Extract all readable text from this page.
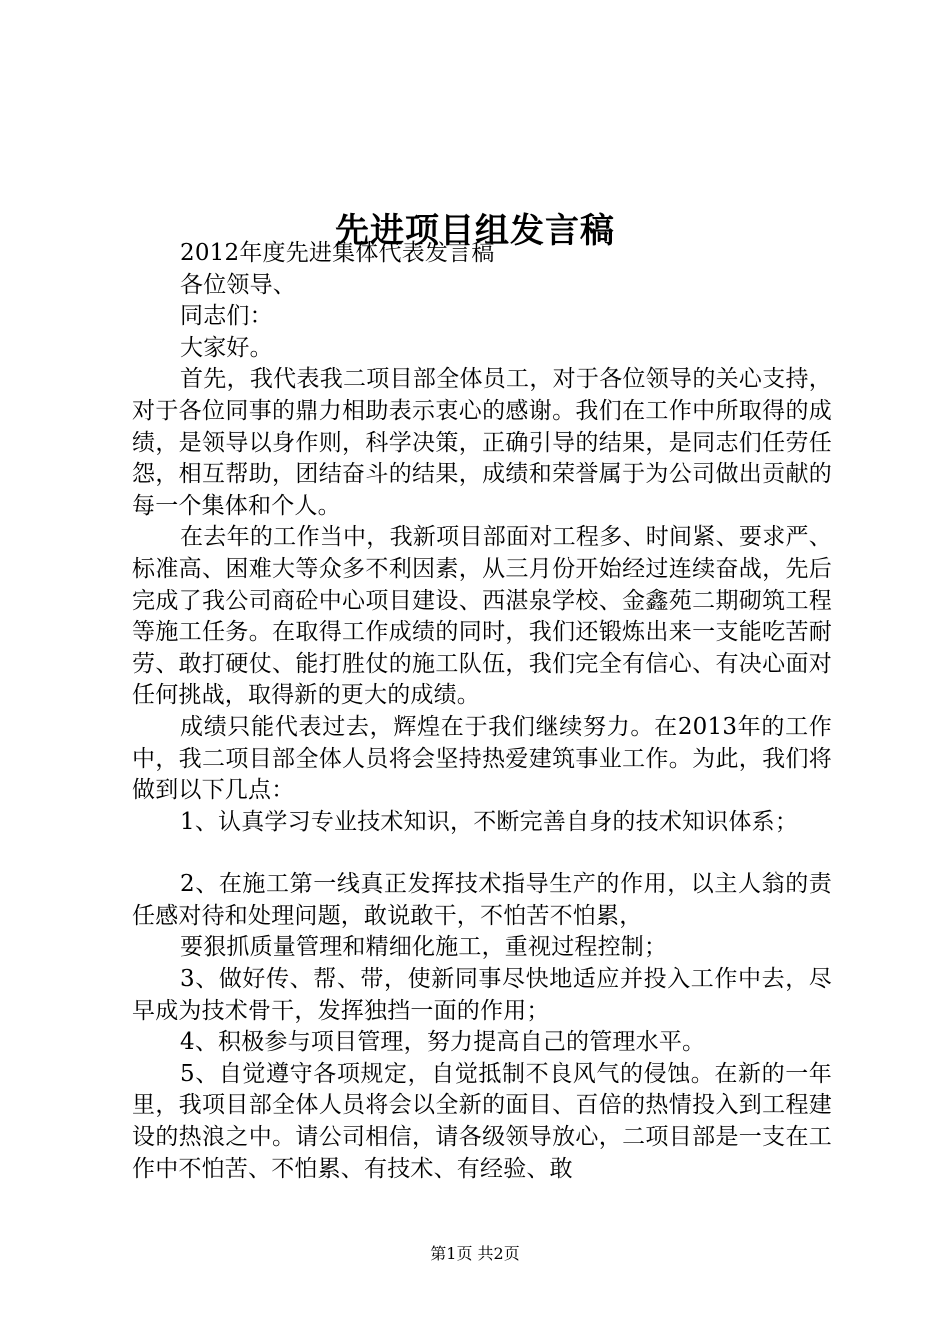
先进项目组发言稿

2012年度先进集体代表发言稿

各位领导、

同志们：

大家好。

首先，我代表我二项目部全体员工，对于各位领导的关心支持，对于各位同事的鼎力相助表示衷心的感谢。我们在工作中所取得的成绩，是领导以身作则，科学决策，正确引导的结果，是同志们任劳任怨，相互帮助，团结奋斗的结果，成绩和荣誉属于为公司做出贡献的每一个集体和个人。

在去年的工作当中，我新项目部面对工程多、时间紧、要求严、标准高、困难大等众多不利因素，从三月份开始经过连续奋战，先后完成了我公司商砼中心项目建设、西湛泉学校、金鑫苑二期砌筑工程等施工任务。在取得工作成绩的同时，我们还锻炼出来一支能吃苦耐劳、敢打硬仗、能打胜仗的施工队伍，我们完全有信心、有决心面对任何挑战，取得新的更大的成绩。

成绩只能代表过去，辉煌在于我们继续努力。在2013年的工作中，我二项目部全体人员将会坚持热爱建筑事业工作。为此，我们将做到以下几点：

1、认真学习专业技术知识，不断完善自身的技术知识体系；

2、在施工第一线真正发挥技术指导生产的作用，以主人翁的责任感对待和处理问题，敢说敢干，不怕苦不怕累，

要狠抓质量管理和精细化施工，重视过程控制；

3、做好传、帮、带，使新同事尽快地适应并投入工作中去，尽早成为技术骨干，发挥独挡一面的作用；

4、积极参与项目管理，努力提高自己的管理水平。

5、自觉遵守各项规定，自觉抵制不良风气的侵蚀。在新的一年里，我项目部全体人员将会以全新的面目、百倍的热情投入到工程建设的热浪之中。请公司相信，请各级领导放心，二项目部是一支在工作中不怕苦、不怕累、有技术、有经验、敢

第1页 共2页
